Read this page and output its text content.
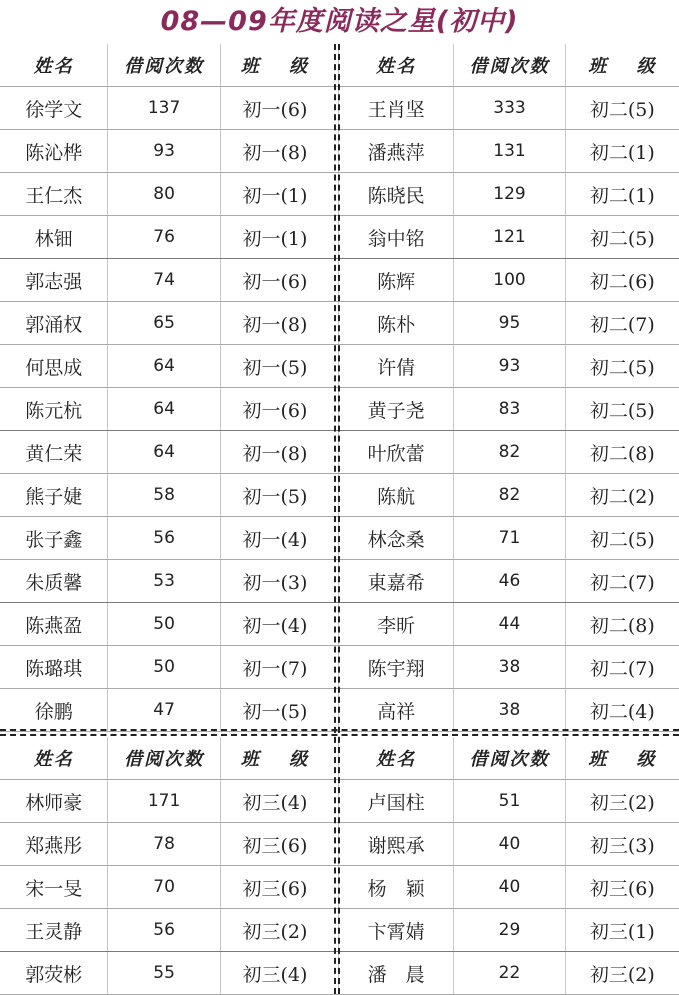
08—09年度阅读之星(初中)
姓名	借阅次数	班　 级	姓名	借阅次数	班　 级
徐学文	137	初一(6)	王肖坚	333	初二(5)
陈沁桦	93	初一(8)	潘燕萍	131	初二(1)
王仁杰	80	初一(1)	陈晓民	129	初二(1)
林钿	76	初一(1)	翁中铭	121	初二(5)
郭志强	74	初一(6)	陈辉	100	初二(6)
郭涌权	65	初一(8)	陈朴	95	初二(7)
何思成	64	初一(5)	许倩	93	初二(5)
陈元杭	64	初一(6)	黄子尧	83	初二(5)
黄仁荣	64	初一(8)	叶欣蕾	82	初二(8)
熊子婕	58	初一(5)	陈航	82	初二(2)
张子鑫	56	初一(4)	林念桑	71	初二(5)
朱质馨	53	初一(3)	東嘉希	46	初二(7)
陈燕盈	50	初一(4)	李昕	44	初二(8)
陈璐琪	50	初一(7)	陈宇翔	38	初二(7)
徐鹏	47	初一(5)	高祥	38	初二(4)
姓名	借阅次数	班　 级	姓名	借阅次数	班　 级
林师豪	171	初三(4)	卢国柱	51	初三(2)
郑燕彤	78	初三(6)	谢熙承	40	初三(3)
宋一旻	70	初三(6)	杨　颖	40	初三(6)
王灵静	56	初三(2)	卞霄婧	29	初三(1)
郭荧彬	55	初三(4)	潘　晨	22	初三(2)
